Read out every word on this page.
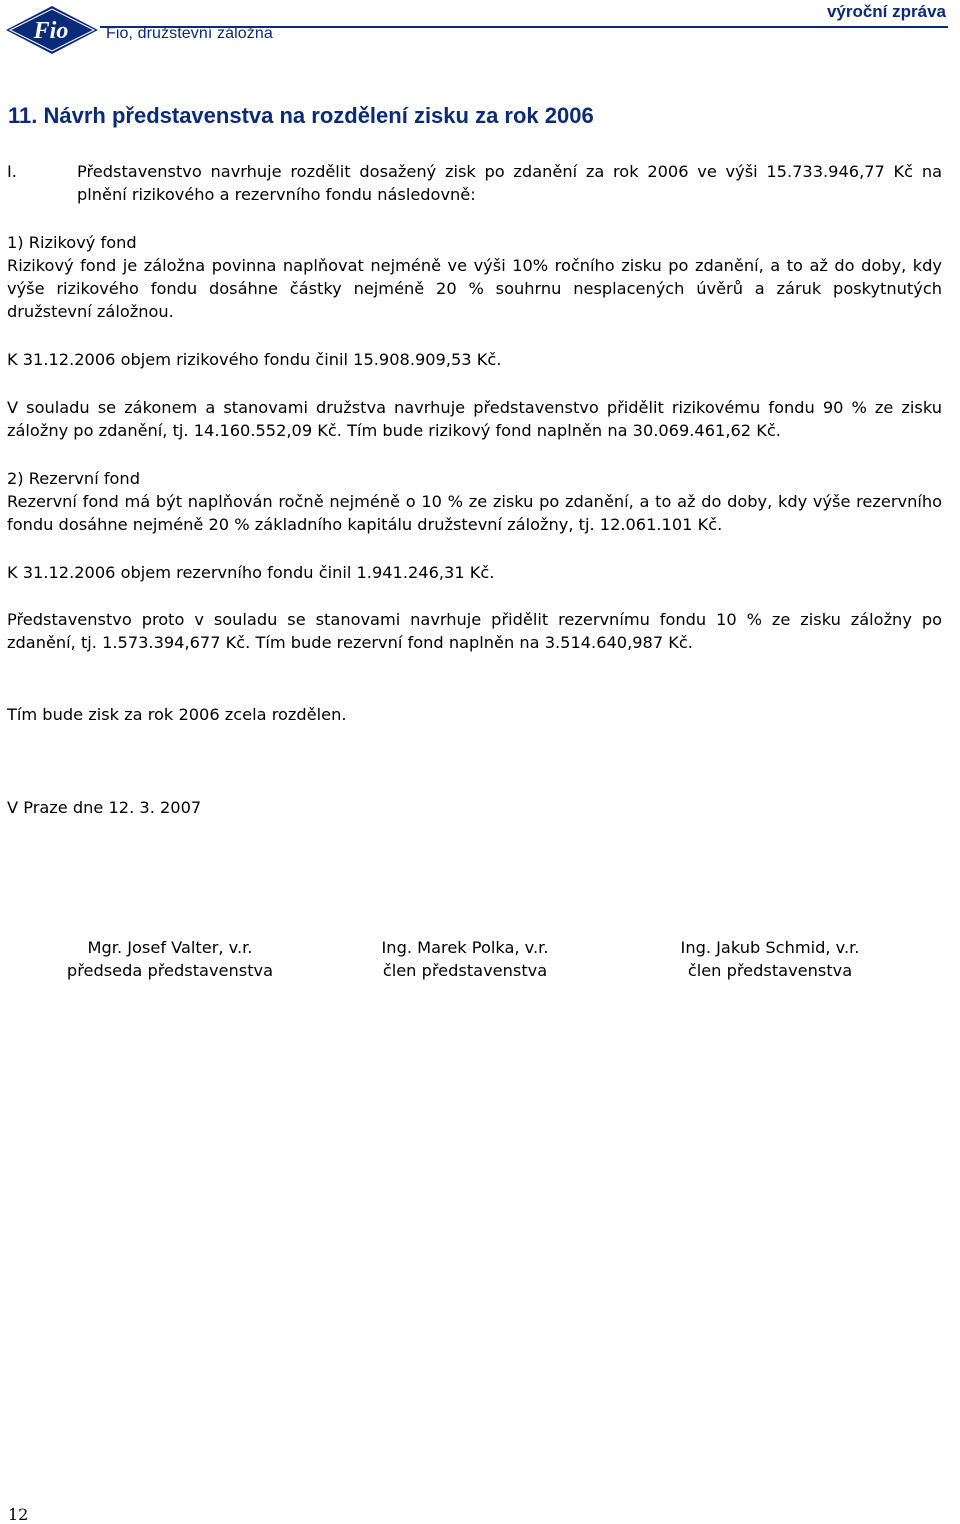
Fio Fio, družstevní záložna
výroční zpráva
11. Návrh představenstva na rozdělení zisku za rok 2006
I.	Představenstvo navrhuje rozdělit dosažený zisk po zdanění za rok 2006 ve výši 15.733.946,77 Kč na plnění rizikového a rezervního fondu následovně:

1) Rizikový fond

Rizikový fond je záložna povinna naplňovat nejméně ve výši 10% ročního zisku po zdanění, a to až do doby, kdy výše rizikového fondu dosáhne částky nejméně 20 % souhrnu nesplacených úvěrů a záruk poskytnutých družstevní záložnou.

K 31.12.2006 objem rizikového fondu činil 15.908.909,53 Kč.

V souladu se zákonem a stanovami družstva navrhuje představenstvo přidělit rizikovému fondu 90 % ze zisku záložny po zdanění, tj. 14.160.552,09 Kč. Tím bude rizikový fond naplněn na 30.069.461,62 Kč.

2) Rezervní fond

Rezervní fond má být naplňován ročně nejméně o 10 % ze zisku po zdanění, a to až do doby, kdy výše rezervního fondu dosáhne nejméně 20 % základního kapitálu družstevní záložny, tj. 12.061.101 Kč.

K 31.12.2006 objem rezervního fondu činil 1.941.246,31 Kč.

Představenstvo proto v souladu se stanovami navrhuje přidělit rezervnímu fondu 10 % ze zisku záložny po zdanění, tj. 1.573.394,677 Kč. Tím bude rezervní fond naplněn na 3.514.640,987 Kč.

Tím bude zisk za rok 2006 zcela rozdělen.

V Praze dne 12. 3. 2007

Mgr. Josef Valter, v.r.
předseda představenstva
Ing. Marek Polka, v.r.
člen představenstva
Ing. Jakub Schmid, v.r.
člen představenstva
12
